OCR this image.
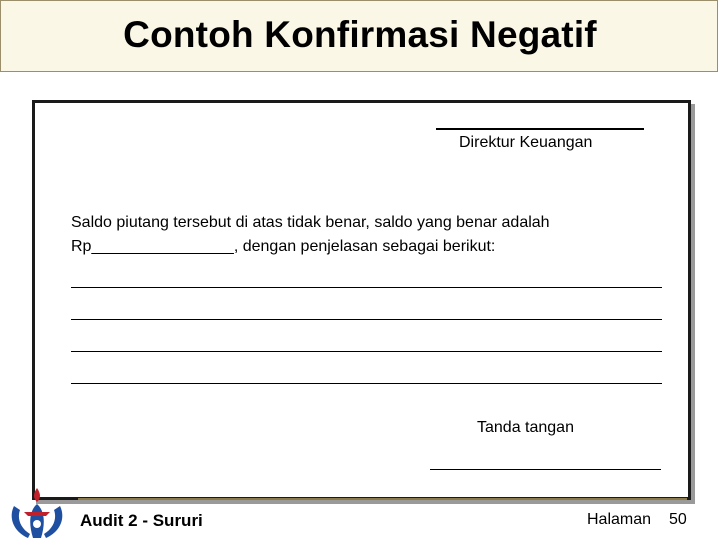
Contoh Konfirmasi Negatif
Direktur Keuangan
Saldo piutang tersebut di atas tidak benar, saldo yang benar adalah
Rp________________, dengan penjelasan sebagai berikut:
Tanda tangan
Audit 2 - Sururi	Halaman 50
